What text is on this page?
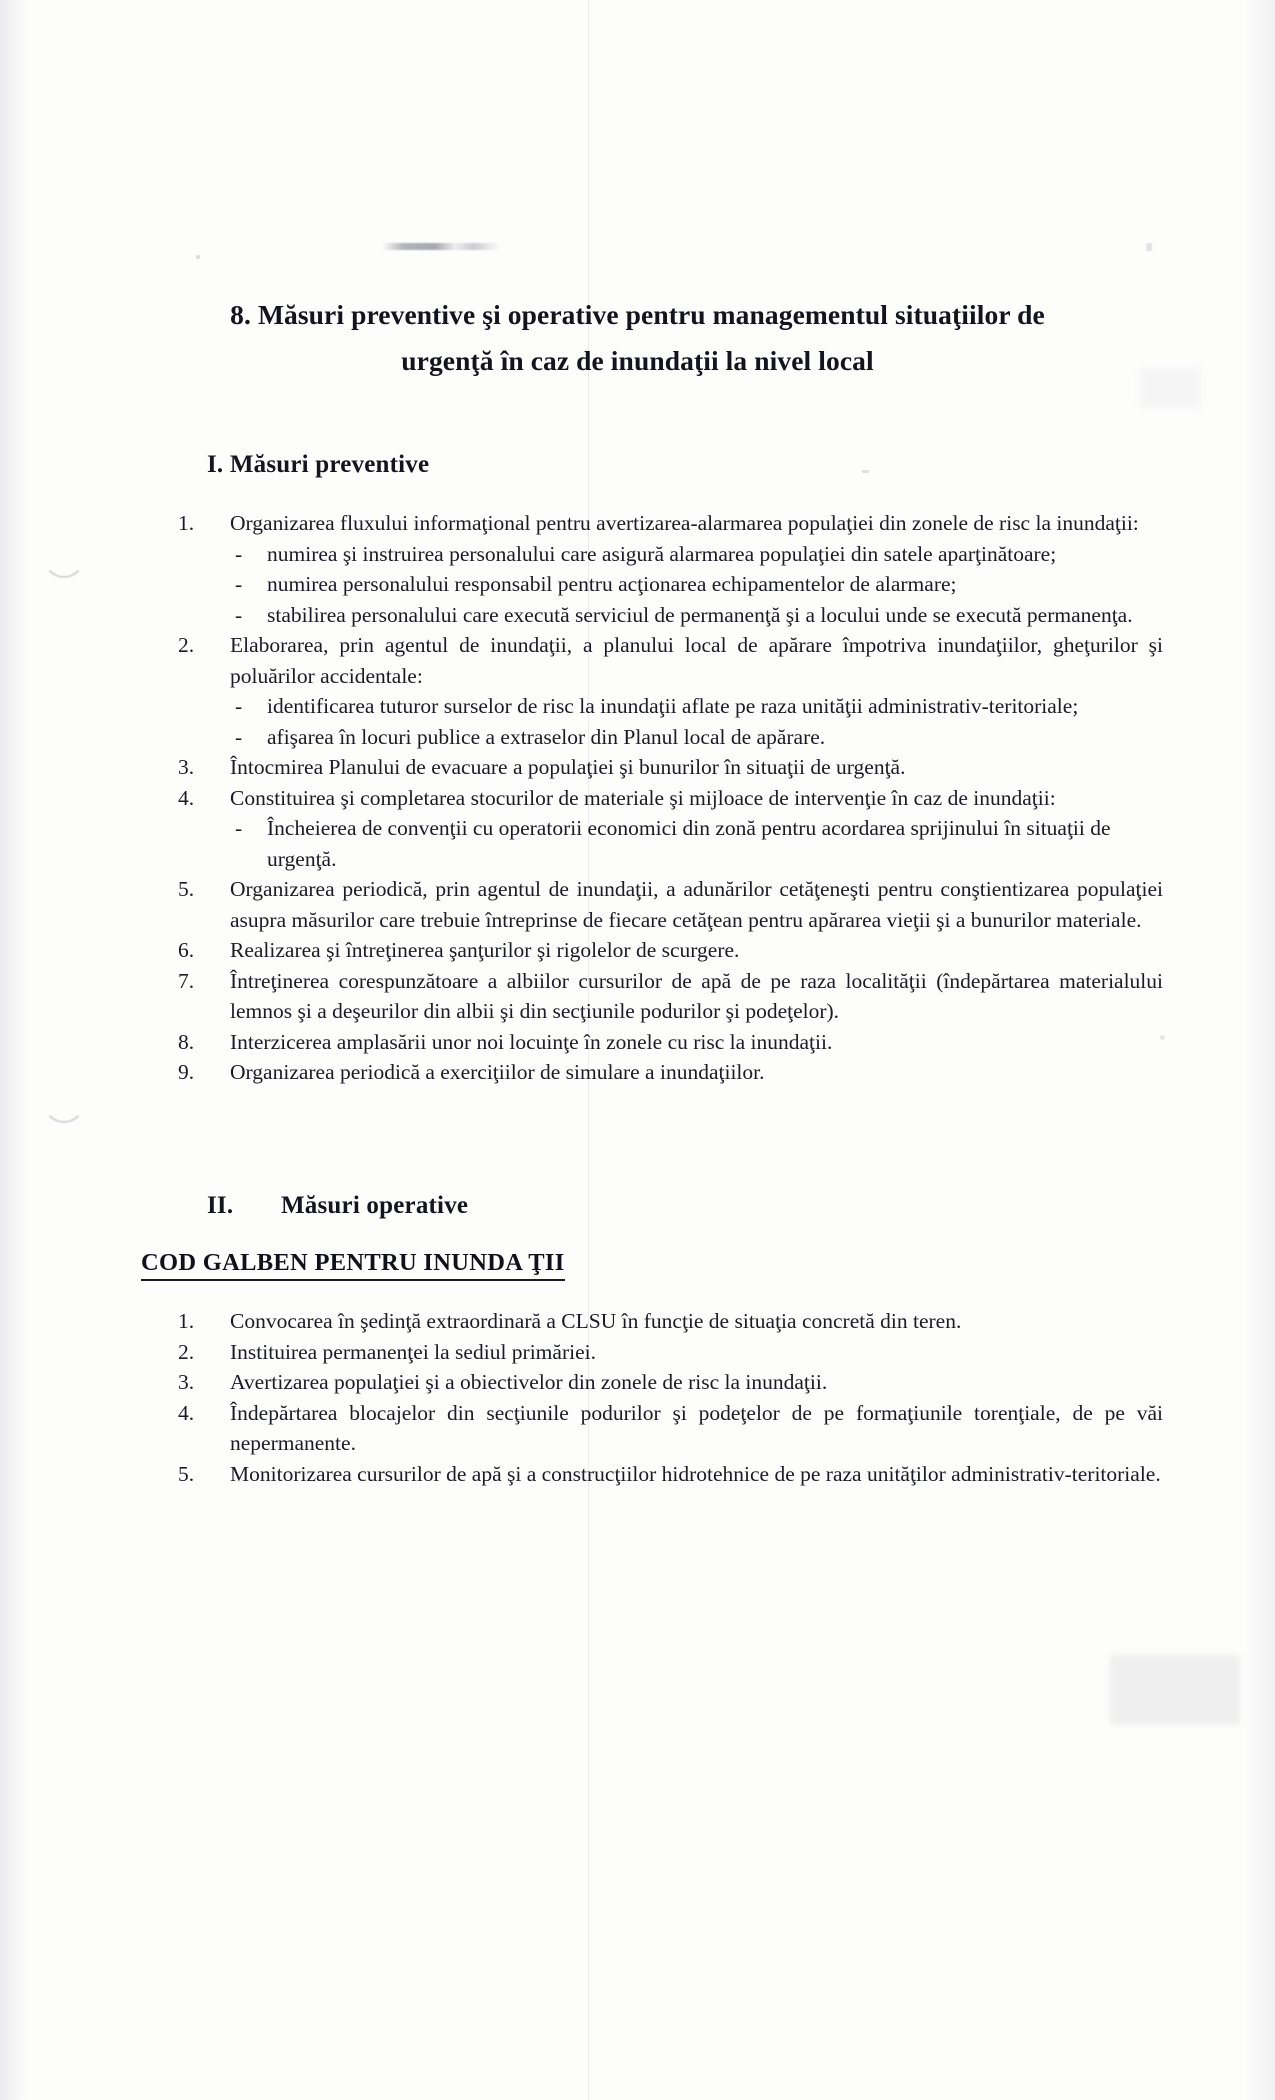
8. Măsuri preventive şi operative pentru managementul situaţiilor de
urgenţă în caz de inundaţii la nivel local
I. Măsuri preventive
1.	Organizarea fluxului informaţional pentru avertizarea-alarmarea populaţiei din zonele de risc la inundaţii:
- numirea şi instruirea personalului care asigură alarmarea populaţiei din satele aparţinătoare;
- numirea personalului responsabil pentru acţionarea echipamentelor de alarmare;
- stabilirea personalului care execută serviciul de permanenţă şi a locului unde se execută permanenţa.
2.	Elaborarea, prin agentul de inundaţii, a planului local de apărare împotriva inundaţiilor, gheţurilor şi poluărilor accidentale:
- identificarea tuturor surselor de risc la inundaţii aflate pe raza unităţii administrativ-teritoriale;
- afişarea în locuri publice a extraselor din Planul local de apărare.
3.	Întocmirea Planului de evacuare a populaţiei şi bunurilor în situaţii de urgenţă.
4.	Constituirea şi completarea stocurilor de materiale şi mijloace de intervenţie în caz de inundaţii:
- Încheierea de convenţii cu operatorii economici din zonă pentru acordarea sprijinului în situaţii de urgenţă.
5.	Organizarea periodică, prin agentul de inundaţii, a adunărilor cetăţeneşti pentru conştientizarea populaţiei asupra măsurilor care trebuie întreprinse de fiecare cetăţean pentru apărarea vieţii şi a bunurilor materiale.
6.	Realizarea şi întreţinerea şanţurilor şi rigolelor de scurgere.
7.	Întreţinerea corespunzătoare a albiilor cursurilor de apă de pe raza localităţii (îndepărtarea materialului lemnos şi a deşeurilor din albii şi din secţiunile podurilor şi podeţelor).
8.	Interzicerea amplasării unor noi locuinţe în zonele cu risc la inundaţii.
9.	Organizarea periodică a exerciţiilor de simulare a inundaţiilor.
II. Măsuri operative
COD GALBEN PENTRU INUNDA ŢII
1.	Convocarea în şedinţă extraordinară a CLSU în funcţie de situaţia concretă din teren.
2.	Instituirea permanenţei la sediul primăriei.
3.	Avertizarea populaţiei şi a obiectivelor din zonele de risc la inundaţii.
4.	Îndepărtarea blocajelor din secţiunile podurilor şi podeţelor de pe formaţiunile torenţiale, de pe văi nepermanente.
5.	Monitorizarea cursurilor de apă şi a construcţiilor hidrotehnice de pe raza unităţilor administrativ-teritoriale.
